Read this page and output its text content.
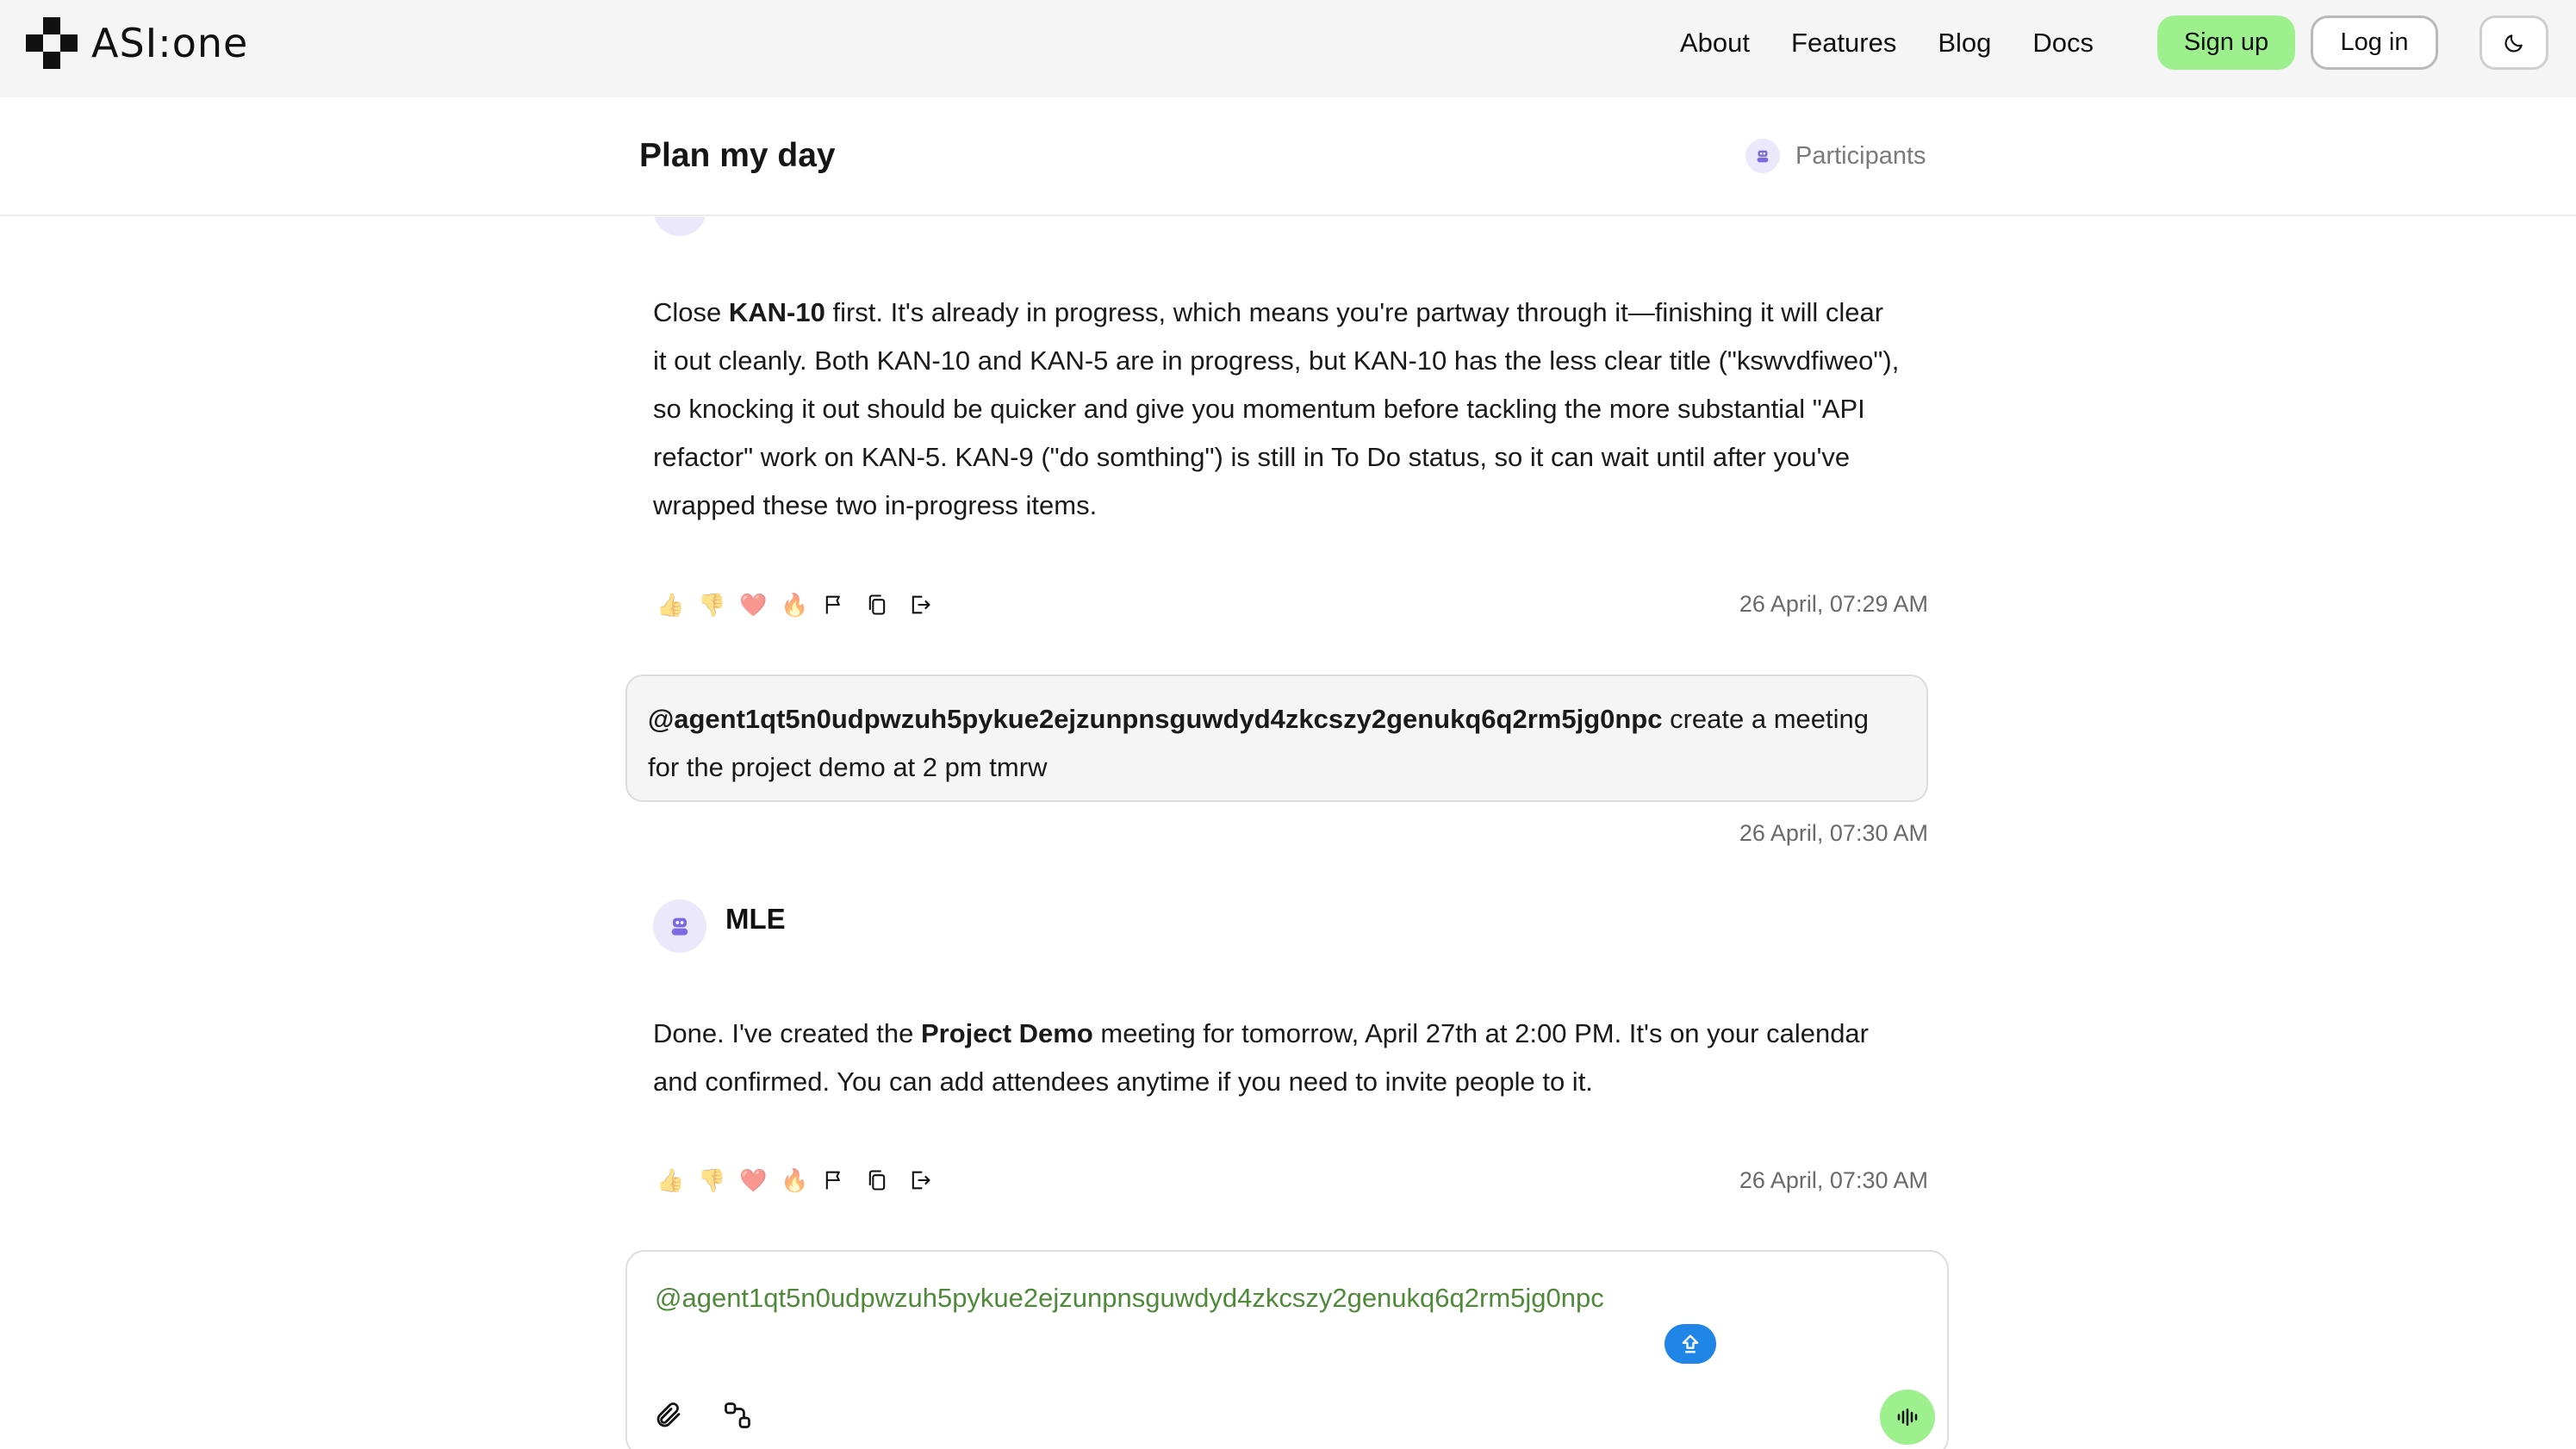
ASI:one	About Features Blog Docs	Sign up	Log in
Plan my day	Participants
Close KAN-10 first. It's already in progress, which means you're partway through it—finishing it will clear it out cleanly. Both KAN-10 and KAN-5 are in progress, but KAN-10 has the less clear title ("kswvdfiweo"), so knocking it out should be quicker and give you momentum before tackling the more substantial "API refactor" work on KAN-5. KAN-9 ("do somthing") is still in To Do status, so it can wait until after you've wrapped these two in-progress items.
👍 👎 ❤️ 🔥	26 April, 07:29 AM
@agent1qt5n0udpwzuh5pykue2ejzunpnsguwdyd4zkcszy2genukq6q2rm5jg0npc create a meeting for the project demo at 2 pm tmrw
26 April, 07:30 AM
MLE
Done. I've created the Project Demo meeting for tomorrow, April 27th at 2:00 PM. It's on your calendar and confirmed. You can add attendees anytime if you need to invite people to it.
👍 👎 ❤️ 🔥	26 April, 07:30 AM
@agent1qt5n0udpwzuh5pykue2ejzunpnsguwdyd4zkcszy2genukq6q2rm5jg0npc
